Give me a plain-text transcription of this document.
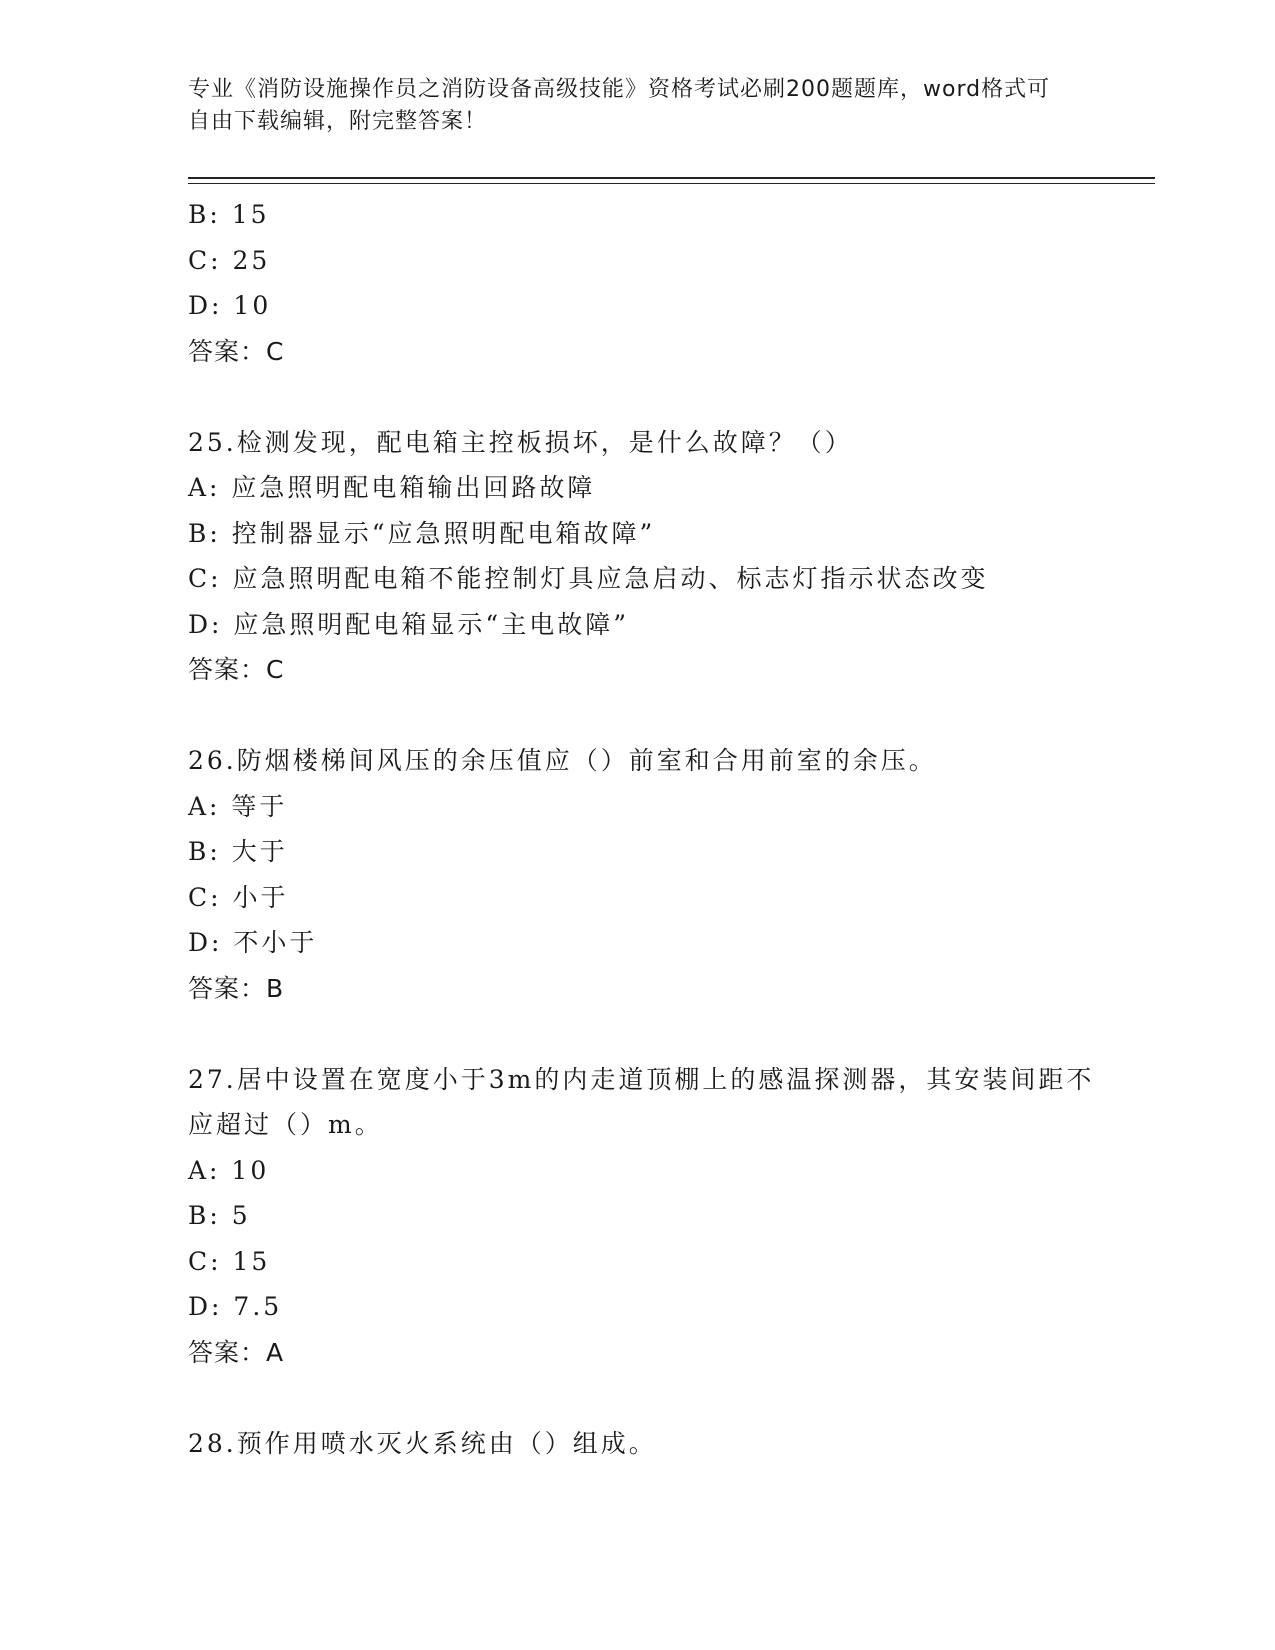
专业《消防设施操作员之消防设备高级技能》资格考试必刷200题题库，word格式可自由下载编辑，附完整答案！
B: 15
C: 25
D: 10
答案：C
25.检测发现，配电箱主控板损坏，是什么故障？（）
A: 应急照明配电箱输出回路故障
B: 控制器显示“应急照明配电箱故障”
C: 应急照明配电箱不能控制灯具应急启动、标志灯指示状态改变
D: 应急照明配电箱显示“主电故障”
答案：C
26.防烟楼梯间风压的余压值应（）前室和合用前室的余压。
A: 等于
B: 大于
C: 小于
D: 不小于
答案：B
27.居中设置在宽度小于3m的内走道顶棚上的感温探测器，其安装间距不应超过（）m。
A: 10
B: 5
C: 15
D: 7.5
答案：A
28.预作用喷水灭火系统由（）组成。
